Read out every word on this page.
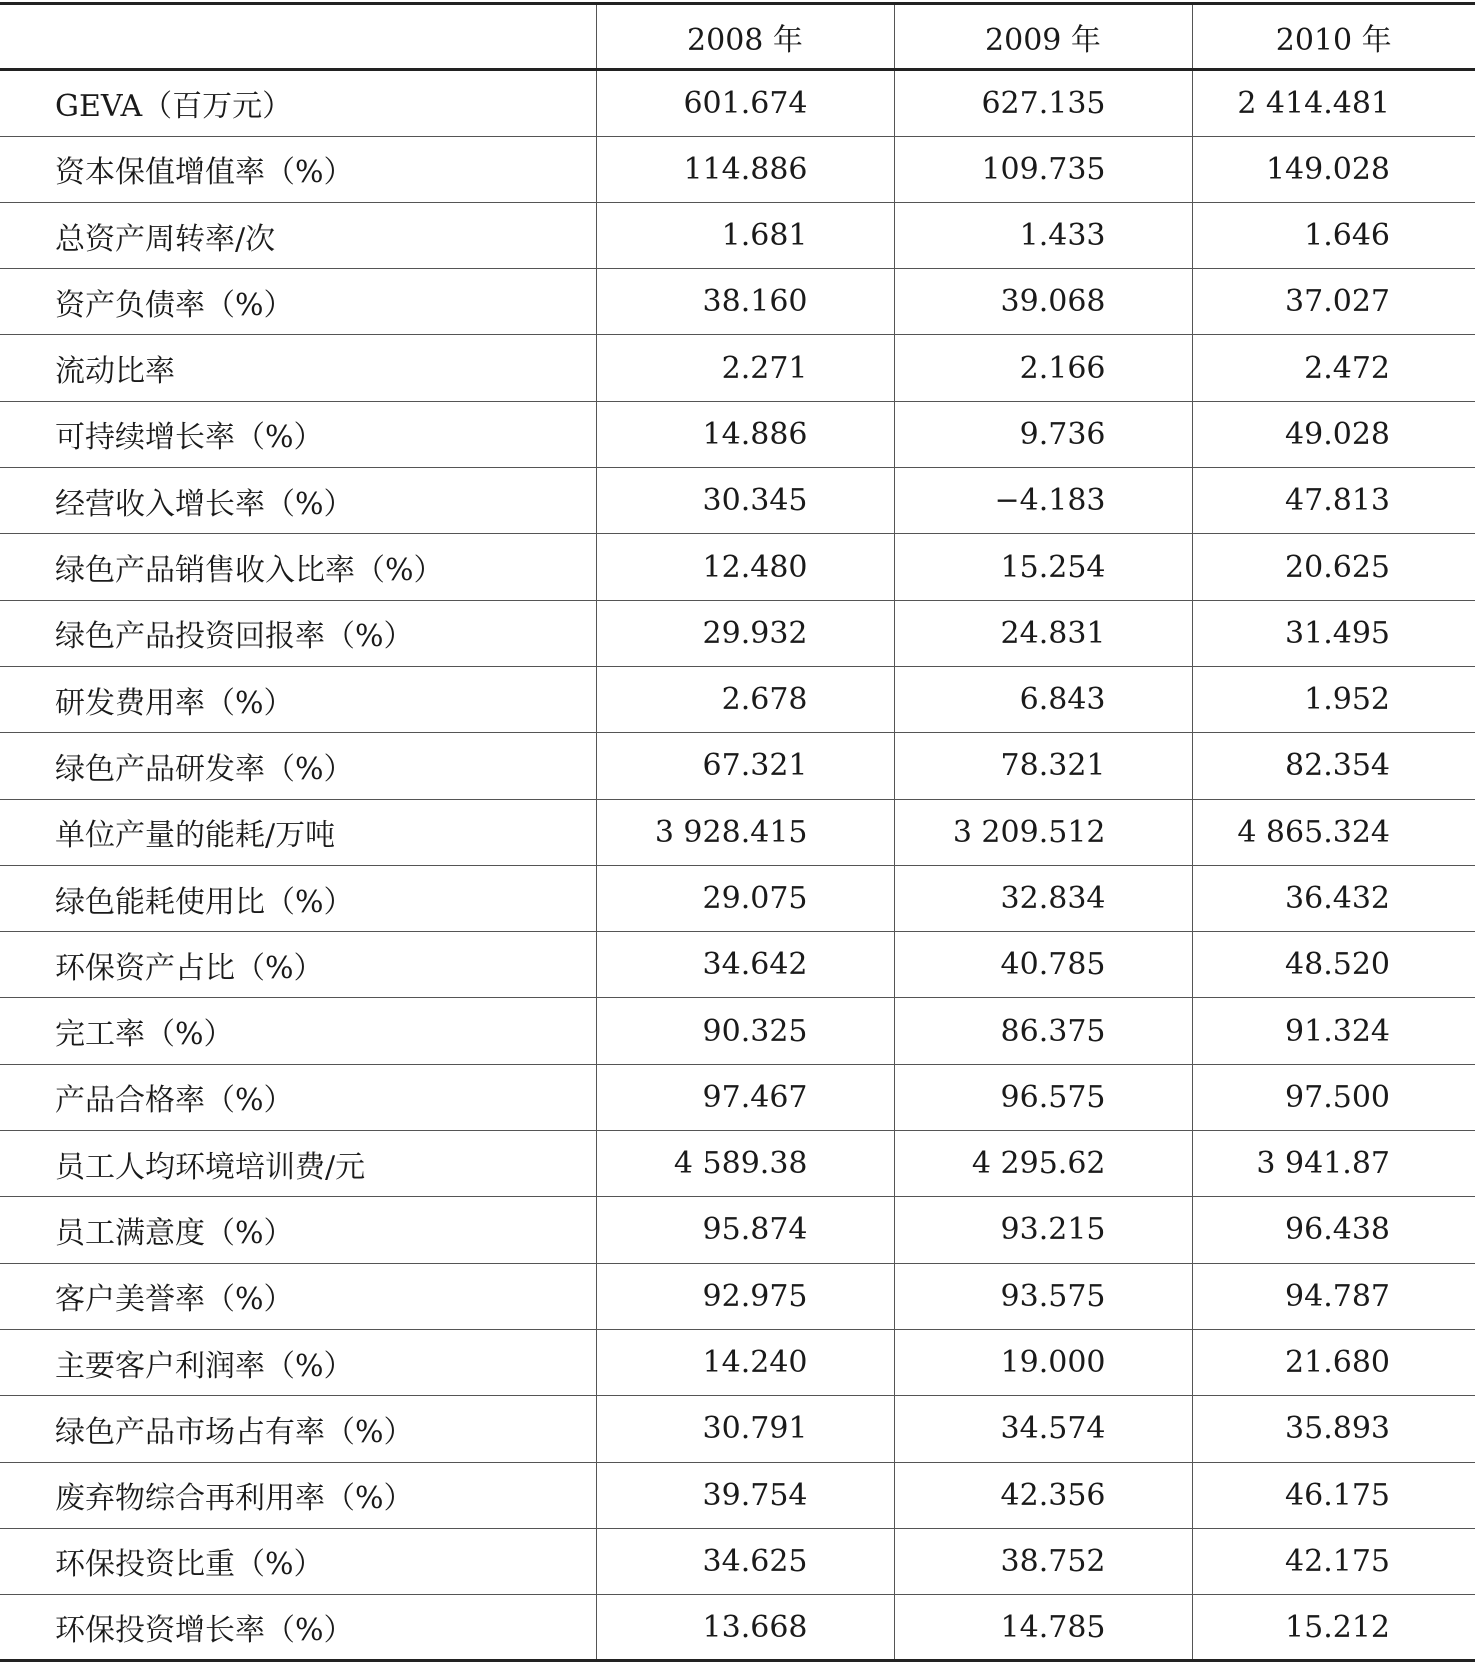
	2008 年	2009 年	2010 年
GEVA（百万元）	601.674	627.135	2 414.481
资本保值增值率（%）	114.886	109.735	149.028
总资产周转率/次	1.681	1.433	1.646
资产负债率（%）	38.160	39.068	37.027
流动比率	2.271	2.166	2.472
可持续增长率（%）	14.886	9.736	49.028
经营收入增长率（%）	30.345	−4.183	47.813
绿色产品销售收入比率（%）	12.480	15.254	20.625
绿色产品投资回报率（%）	29.932	24.831	31.495
研发费用率（%）	2.678	6.843	1.952
绿色产品研发率（%）	67.321	78.321	82.354
单位产量的能耗/万吨	3 928.415	3 209.512	4 865.324
绿色能耗使用比（%）	29.075	32.834	36.432
环保资产占比（%）	34.642	40.785	48.520
完工率（%）	90.325	86.375	91.324
产品合格率（%）	97.467	96.575	97.500
员工人均环境培训费/元	4 589.38	4 295.62	3 941.87
员工满意度（%）	95.874	93.215	96.438
客户美誉率（%）	92.975	93.575	94.787
主要客户利润率（%）	14.240	19.000	21.680
绿色产品市场占有率（%）	30.791	34.574	35.893
废弃物综合再利用率（%）	39.754	42.356	46.175
环保投资比重（%）	34.625	38.752	42.175
环保投资增长率（%）	13.668	14.785	15.212
